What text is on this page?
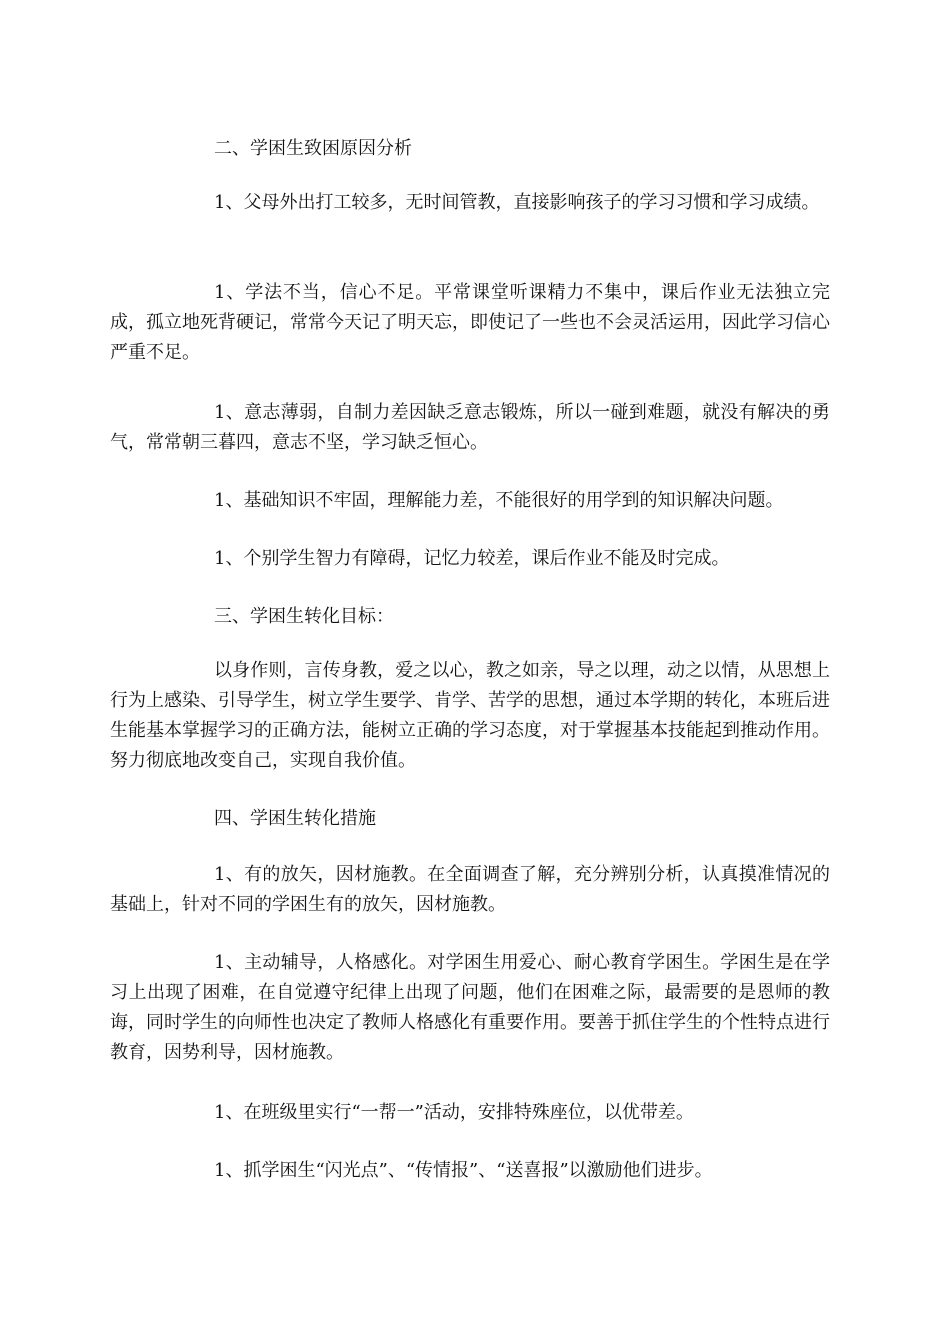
二、学困生致困原因分析

1、父母外出打工较多，无时间管教，直接影响孩子的学习习惯和学习成绩。

1、学法不当，信心不足。平常课堂听课精力不集中，课后作业无法独立完成，孤立地死背硬记，常常今天记了明天忘，即使记了一些也不会灵活运用，因此学习信心严重不足。

1、意志薄弱，自制力差因缺乏意志锻炼，所以一碰到难题，就没有解决的勇气，常常朝三暮四，意志不坚，学习缺乏恒心。

1、基础知识不牢固，理解能力差，不能很好的用学到的知识解决问题。

1、个别学生智力有障碍，记忆力较差，课后作业不能及时完成。

三、学困生转化目标：

以身作则，言传身教，爱之以心，教之如亲，导之以理，动之以情，从思想上行为上感染、引导学生，树立学生要学、肯学、苦学的思想，通过本学期的转化，本班后进生能基本掌握学习的正确方法，能树立正确的学习态度，对于掌握基本技能起到推动作用。努力彻底地改变自己，实现自我价值。

四、学困生转化措施

1、有的放矢，因材施教。在全面调查了解，充分辨别分析，认真摸准情况的基础上，针对不同的学困生有的放矢，因材施教。

1、主动辅导，人格感化。对学困生用爱心、耐心教育学困生。学困生是在学习上出现了困难，在自觉遵守纪律上出现了问题，他们在困难之际，最需要的是恩师的教诲，同时学生的向师性也决定了教师人格感化有重要作用。要善于抓住学生的个性特点进行教育，因势利导，因材施教。

1、在班级里实行“一帮一”活动，安排特殊座位，以优带差。

1、抓学困生“闪光点”、“传情报”、“送喜报”以激励他们进步。
